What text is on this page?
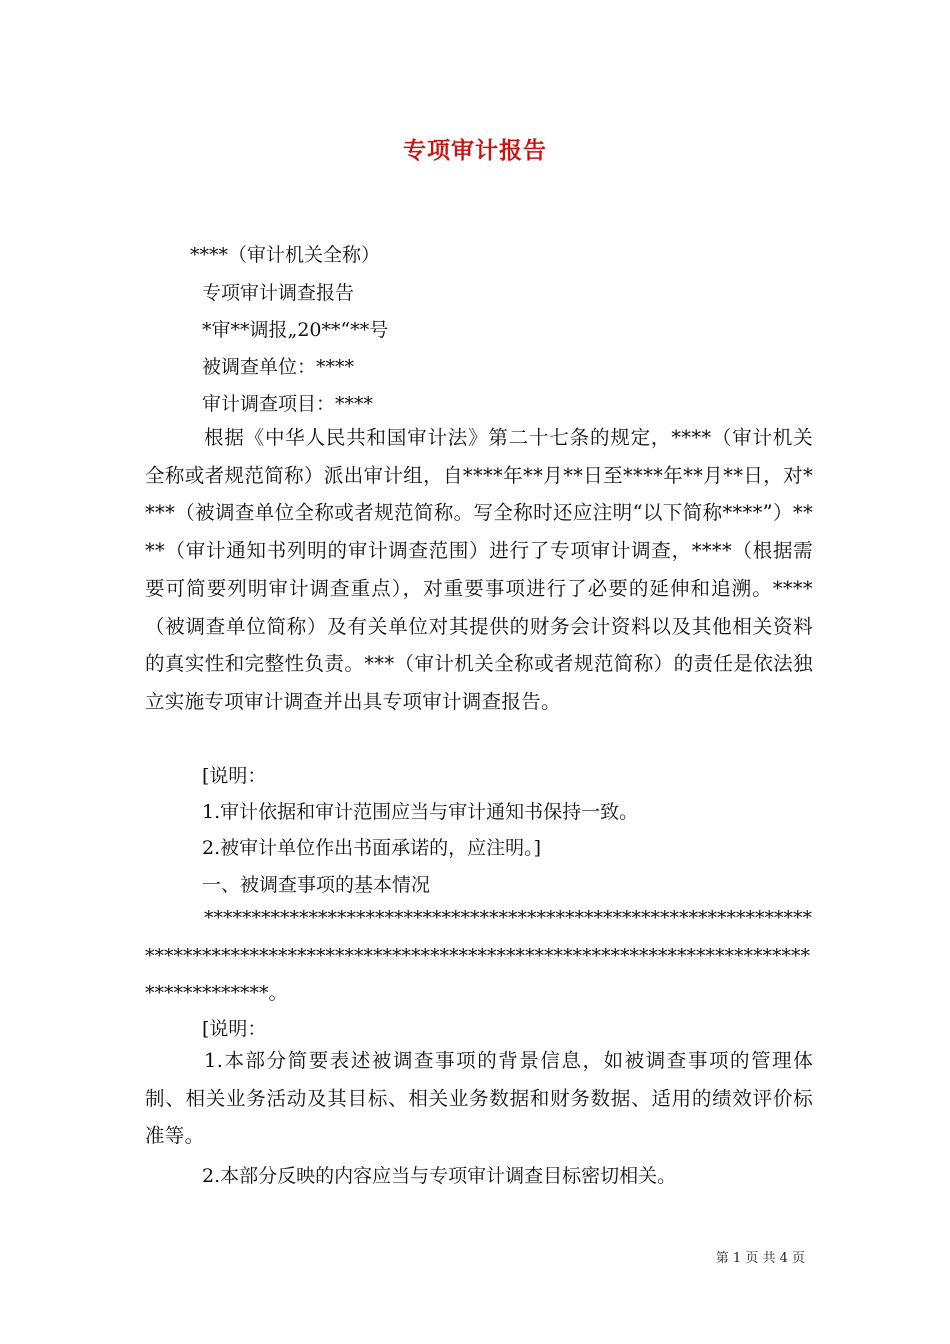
专项审计报告
****（审计机关全称）
专项审计调查报告
*审**调报„20**“**号
被调查单位：****
审计调查项目：****
根据《中华人民共和国审计法》第二十七条的规定，****（审计机关全称或者规范简称）派出审计组，自****年**月**日至****年**月**日，对****（被调查单位全称或者规范简称。写全称时还应注明“以下简称****”）****（审计通知书列明的审计调查范围）进行了专项审计调查，****（根据需要可简要列明审计调查重点），对重要事项进行了必要的延伸和追溯。****（被调查单位简称）及有关单位对其提供的财务会计资料以及其他相关资料的真实性和完整性负责。***（审计机关全称或者规范简称）的责任是依法独立实施专项审计调查并出具专项审计调查报告。
[说明：
1.审计依据和审计范围应当与审计通知书保持一致。
2.被审计单位作出书面承诺的，应注明。]
一、被调查事项的基本情况
***************************************************************************************************************************************************。
[说明：
1.本部分简要表述被调查事项的背景信息，如被调查事项的管理体制、相关业务活动及其目标、相关业务数据和财务数据、适用的绩效评价标准等。
2.本部分反映的内容应当与专项审计调查目标密切相关。
第 1 页 共 4 页
